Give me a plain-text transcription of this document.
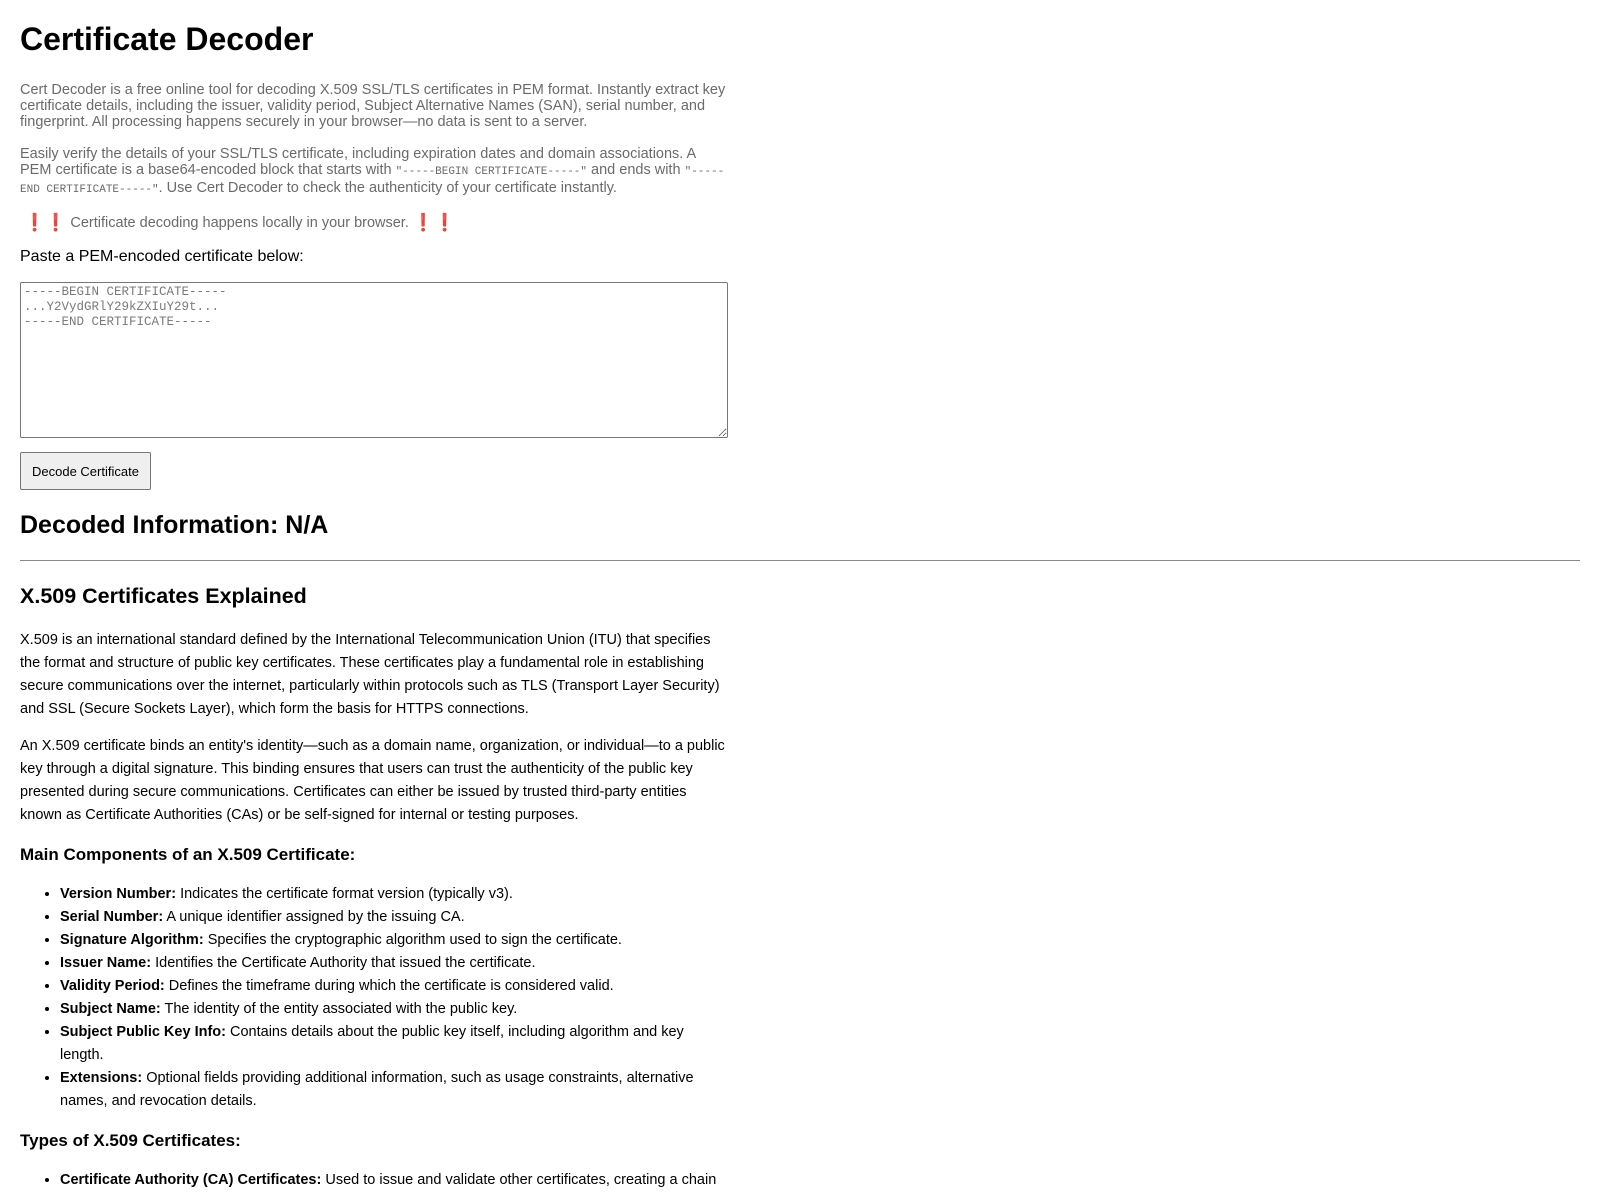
Certificate Decoder

Cert Decoder is a free online tool for decoding X.509 SSL/TLS certificates in PEM format. Instantly extract key certificate details, including the issuer, validity period, Subject Alternative Names (SAN), serial number, and fingerprint. All processing happens securely in your browser—no data is sent to a server.

Easily verify the details of your SSL/TLS certificate, including expiration dates and domain associations. A PEM certificate is a base64-encoded block that starts with "-----BEGIN CERTIFICATE-----" and ends with "-----END CERTIFICATE-----". Use Cert Decoder to check the authenticity of your certificate instantly.

❗❗ Certificate decoding happens locally in your browser. ❗❗

Paste a PEM-encoded certificate below:

-----BEGIN CERTIFICATE----- ...Y2VydGRlY29kZXIuY29t... -----END CERTIFICATE-----
Decode Certificate
Decoded Information: N/A
X.509 Certificates Explained

X.509 is an international standard defined by the International Telecommunication Union (ITU) that specifies the format and structure of public key certificates. These certificates play a fundamental role in establishing secure communications over the internet, particularly within protocols such as TLS (Transport Layer Security) and SSL (Secure Sockets Layer), which form the basis for HTTPS connections.

An X.509 certificate binds an entity's identity—such as a domain name, organization, or individual—to a public key through a digital signature. This binding ensures that users can trust the authenticity of the public key presented during secure communications. Certificates can either be issued by trusted third-party entities known as Certificate Authorities (CAs) or be self-signed for internal or testing purposes.

Main Components of an X.509 Certificate:
• Version Number: Indicates the certificate format version (typically v3).
• Serial Number: A unique identifier assigned by the issuing CA.
• Signature Algorithm: Specifies the cryptographic algorithm used to sign the certificate.
• Issuer Name: Identifies the Certificate Authority that issued the certificate.
• Validity Period: Defines the timeframe during which the certificate is considered valid.
• Subject Name: The identity of the entity associated with the public key.
• Subject Public Key Info: Contains details about the public key itself, including algorithm and key length.
• Extensions: Optional fields providing additional information, such as usage constraints, alternative names, and revocation details.
Types of X.509 Certificates:
• Certificate Authority (CA) Certificates: Used to issue and validate other certificates, creating a chain
